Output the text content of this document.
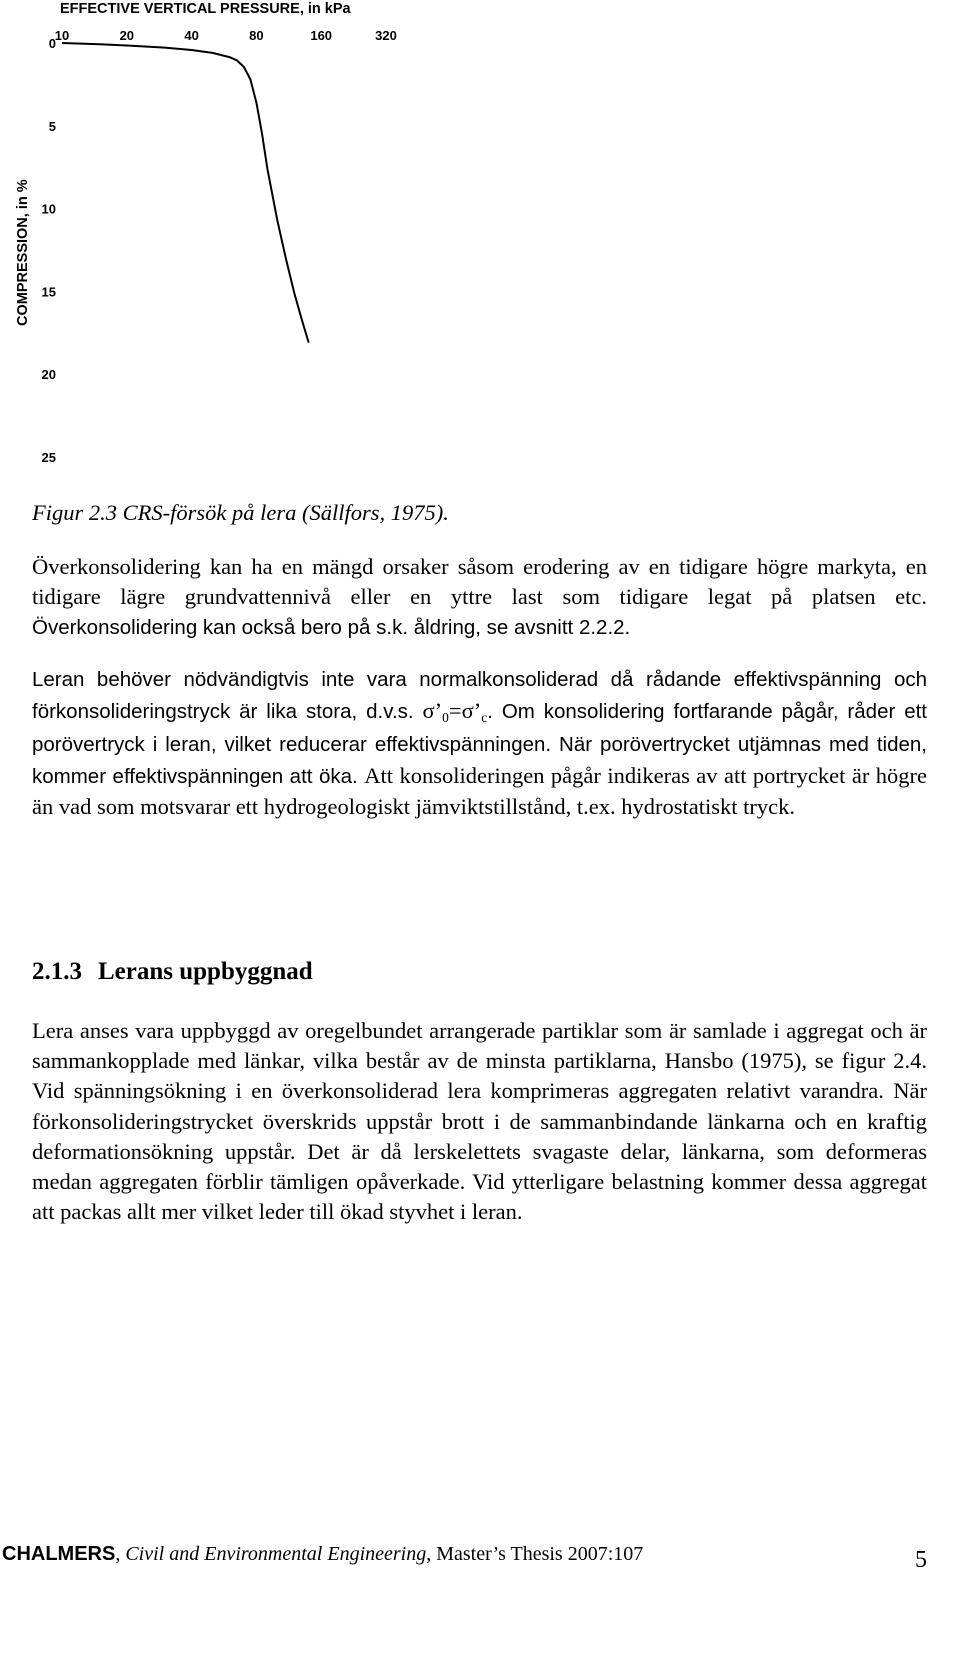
EFFECTIVE VERTICAL PRESSURE, in kPa
COMPRESSION, in %
10	20	40	80	160	320
0
5
10
15
20
25
Figur 2.3 CRS-försök på lera (Sällfors, 1975).
Överkonsolidering kan ha en mängd orsaker såsom erodering av en tidigare högre markyta, en tidigare lägre grundvattennivå eller en yttre last som tidigare legat på platsen etc. Överkonsolidering kan också bero på s.k. åldring, se avsnitt 2.2.2.
Leran behöver nödvändigtvis inte vara normalkonsoliderad då rådande effektivspänning och förkonsolideringstryck är lika stora, d.v.s. $\sigma’_0=\sigma’_c$. Om konsolidering fortfarande pågår, råder ett porövertryck i leran, vilket reducerar effektivspänningen. När porövertrycket utjämnas med tiden, kommer effektivspänningen att öka. Att konsolideringen pågår indikeras av att portrycket är högre än vad som motsvarar ett hydrogeologiskt jämviktstillstånd, t.ex. hydrostatiskt tryck.
2.1.3 Lerans uppbyggnad
Lera anses vara uppbyggd av oregelbundet arrangerade partiklar som är samlade i aggregat och är sammankopplade med länkar, vilka består av de minsta partiklarna, Hansbo (1975), se figur 2.4. Vid spänningsökning i en överkonsoliderad lera komprimeras aggregaten relativt varandra. När förkonsolideringstrycket överskrids uppstår brott i de sammanbindande länkarna och en kraftig deformationsökning uppstår. Det är då lerskelettets svagaste delar, länkarna, som deformeras medan aggregaten förblir tämligen opåverkade. Vid ytterligare belastning kommer dessa aggregat att packas allt mer vilket leder till ökad styvhet i leran.
CHALMERS, Civil and Environmental Engineering, Master’s Thesis 2007:107	5
